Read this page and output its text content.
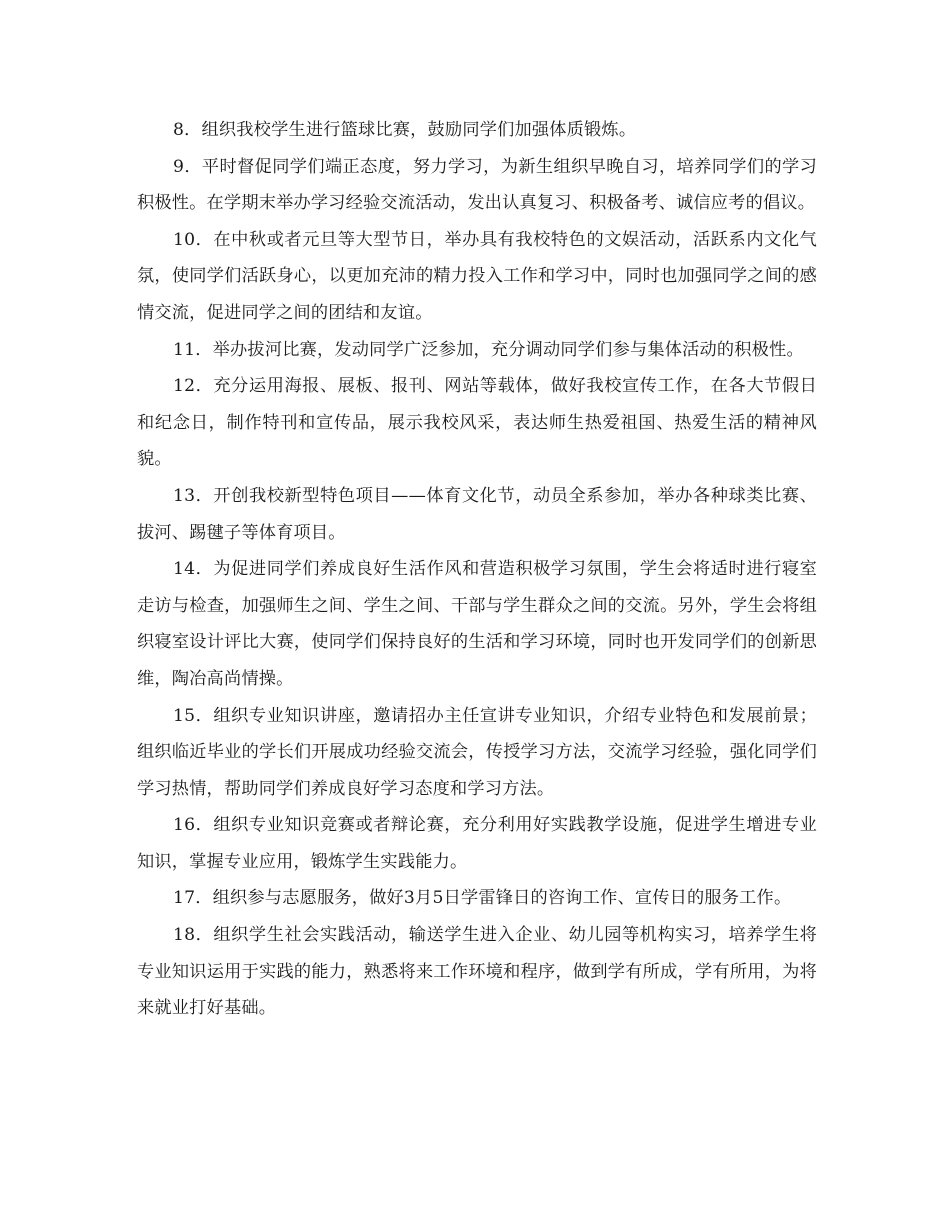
8．组织我校学生进行篮球比赛，鼓励同学们加强体质锻炼。

9．平时督促同学们端正态度，努力学习，为新生组织早晚自习，培养同学们的学习积极性。在学期末举办学习经验交流活动，发出认真复习、积极备考、诚信应考的倡议。

10．在中秋或者元旦等大型节日，举办具有我校特色的文娱活动，活跃系内文化气氛，使同学们活跃身心，以更加充沛的精力投入工作和学习中，同时也加强同学之间的感情交流，促进同学之间的团结和友谊。

11．举办拔河比赛，发动同学广泛参加，充分调动同学们参与集体活动的积极性。

12．充分运用海报、展板、报刊、网站等载体，做好我校宣传工作，在各大节假日和纪念日，制作特刊和宣传品，展示我校风采，表达师生热爱祖国、热爱生活的精神风貌。

13．开创我校新型特色项目——体育文化节，动员全系参加，举办各种球类比赛、拔河、踢毽子等体育项目。

14．为促进同学们养成良好生活作风和营造积极学习氛围，学生会将适时进行寝室走访与检查，加强师生之间、学生之间、干部与学生群众之间的交流。另外，学生会将组织寝室设计评比大赛，使同学们保持良好的生活和学习环境，同时也开发同学们的创新思维，陶冶高尚情操。

15．组织专业知识讲座，邀请招办主任宣讲专业知识，介绍专业特色和发展前景；组织临近毕业的学长们开展成功经验交流会，传授学习方法，交流学习经验，强化同学们学习热情，帮助同学们养成良好学习态度和学习方法。

16．组织专业知识竞赛或者辩论赛，充分利用好实践教学设施，促进学生增进专业知识，掌握专业应用，锻炼学生实践能力。

17．组织参与志愿服务，做好3月5日学雷锋日的咨询工作、宣传日的服务工作。

18．组织学生社会实践活动，输送学生进入企业、幼儿园等机构实习，培养学生将专业知识运用于实践的能力，熟悉将来工作环境和程序，做到学有所成，学有所用，为将来就业打好基础。
